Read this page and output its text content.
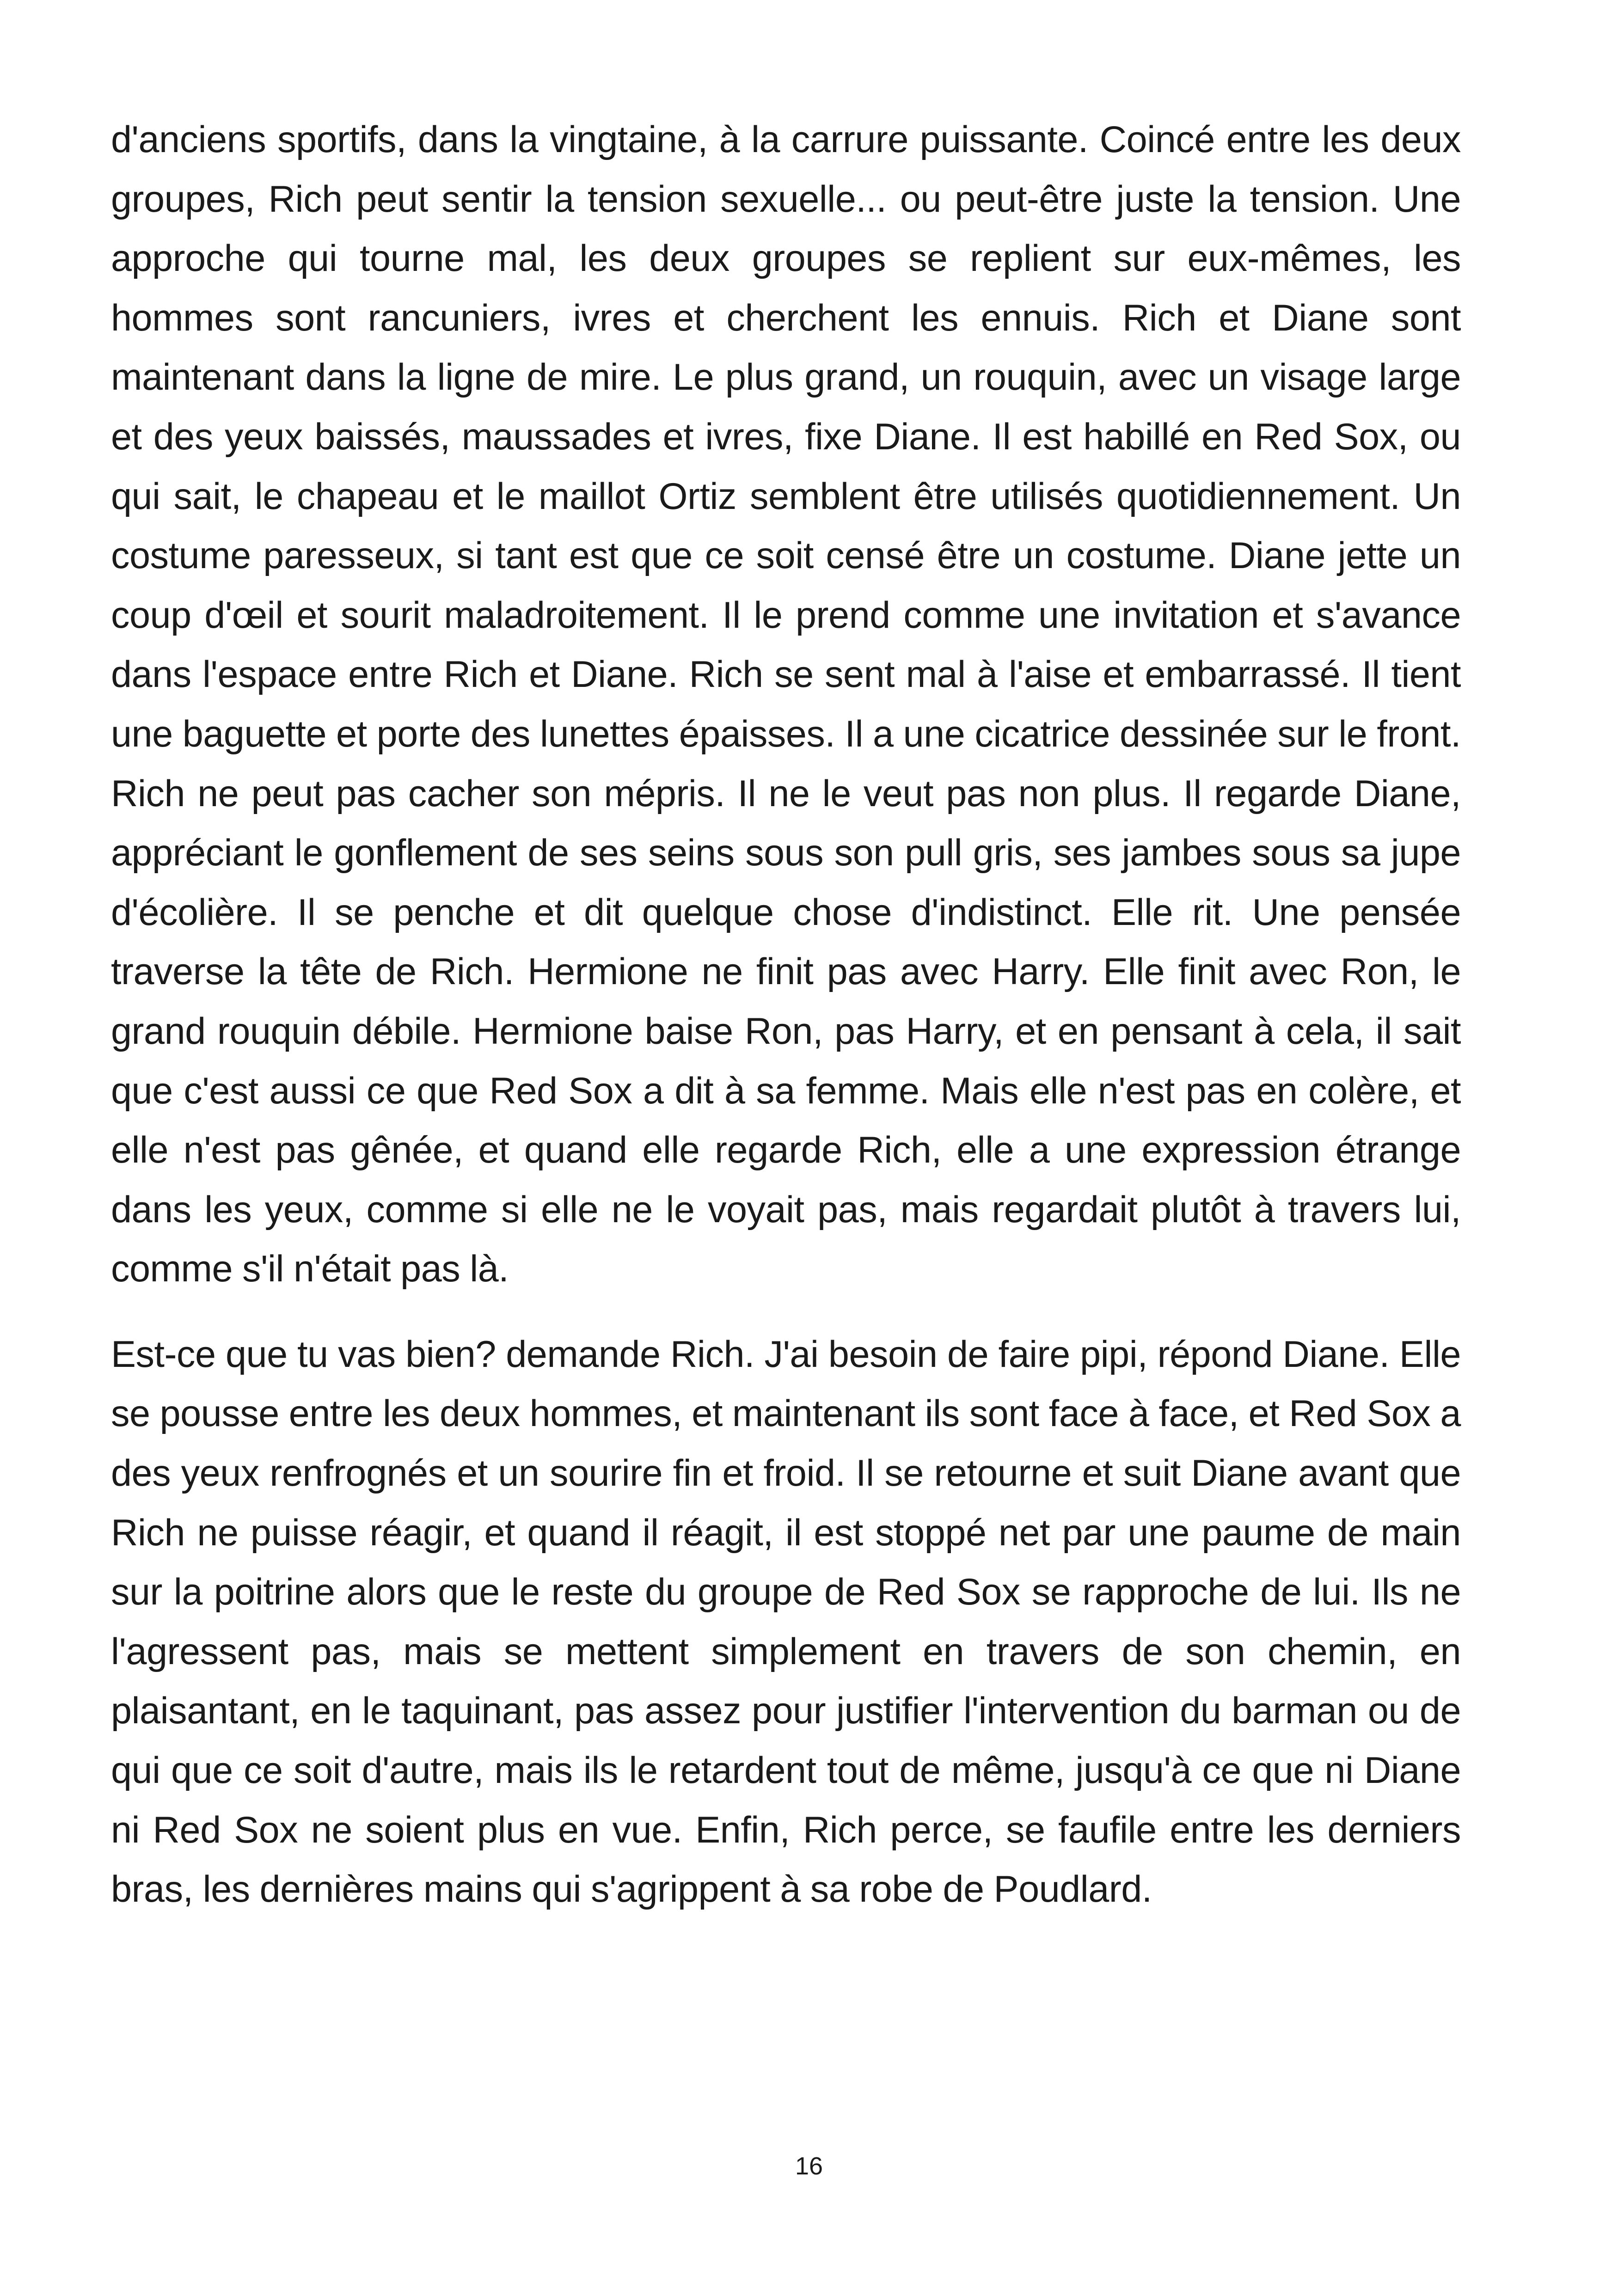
d'anciens sportifs, dans la vingtaine, à la carrure puissante. Coincé entre les deux groupes, Rich peut sentir la tension sexuelle... ou peut-être juste la tension. Une approche qui tourne mal, les deux groupes se replient sur eux-mêmes, les hommes sont rancuniers, ivres et cherchent les ennuis. Rich et Diane sont maintenant dans la ligne de mire. Le plus grand, un rouquin, avec un visage large et des yeux baissés, maussades et ivres, fixe Diane. Il est habillé en Red Sox, ou qui sait, le chapeau et le maillot Ortiz semblent être utilisés quotidiennement. Un costume paresseux, si tant est que ce soit censé être un costume. Diane jette un coup d'œil et sourit maladroitement. Il le prend comme une invitation et s'avance dans l'espace entre Rich et Diane. Rich se sent mal à l'aise et embarrassé. Il tient une baguette et porte des lunettes épaisses. Il a une cicatrice dessinée sur le front. Rich ne peut pas cacher son mépris. Il ne le veut pas non plus. Il regarde Diane, appréciant le gonflement de ses seins sous son pull gris, ses jambes sous sa jupe d'écolière. Il se penche et dit quelque chose d'indistinct. Elle rit. Une pensée traverse la tête de Rich. Hermione ne finit pas avec Harry. Elle finit avec Ron, le grand rouquin débile. Hermione baise Ron, pas Harry, et en pensant à cela, il sait que c'est aussi ce que Red Sox a dit à sa femme. Mais elle n'est pas en colère, et elle n'est pas gênée, et quand elle regarde Rich, elle a une expression étrange dans les yeux, comme si elle ne le voyait pas, mais regardait plutôt à travers lui, comme s'il n'était pas là.

Est-ce que tu vas bien? demande Rich. J'ai besoin de faire pipi, répond Diane. Elle se pousse entre les deux hommes, et maintenant ils sont face à face, et Red Sox a des yeux renfrognés et un sourire fin et froid. Il se retourne et suit Diane avant que Rich ne puisse réagir, et quand il réagit, il est stoppé net par une paume de main sur la poitrine alors que le reste du groupe de Red Sox se rapproche de lui. Ils ne l'agressent pas, mais se mettent simplement en travers de son chemin, en plaisantant, en le taquinant, pas assez pour justifier l'intervention du barman ou de qui que ce soit d'autre, mais ils le retardent tout de même, jusqu'à ce que ni Diane ni Red Sox ne soient plus en vue. Enfin, Rich perce, se faufile entre les derniers bras, les dernières mains qui s'agrippent à sa robe de Poudlard.

16
